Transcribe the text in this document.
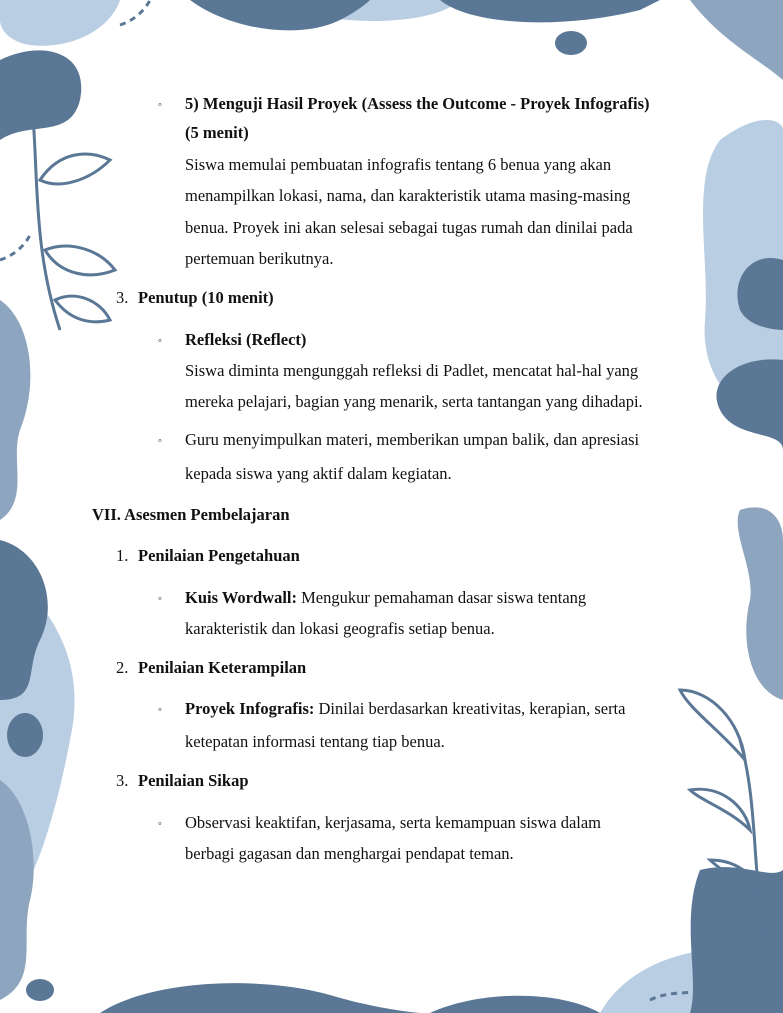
◦ 5) Menguji Hasil Proyek (Assess the Outcome - Proyek Infografis)
(5 menit)
Siswa memulai pembuatan infografis tentang 6 benua yang akan
menampilkan lokasi, nama, dan karakteristik utama masing-masing
benua. Proyek ini akan selesai sebagai tugas rumah dan dinilai pada
pertemuan berikutnya.
3. Penutup (10 menit)
◦ Refleksi (Reflect)
Siswa diminta mengunggah refleksi di Padlet, mencatat hal-hal yang
mereka pelajari, bagian yang menarik, serta tantangan yang dihadapi.
◦ Guru menyimpulkan materi, memberikan umpan balik, dan apresiasi
kepada siswa yang aktif dalam kegiatan.
VII. Asesmen Pembelajaran
1. Penilaian Pengetahuan
◦ Kuis Wordwall: Mengukur pemahaman dasar siswa tentang
karakteristik dan lokasi geografis setiap benua.
2. Penilaian Keterampilan
◦ Proyek Infografis: Dinilai berdasarkan kreativitas, kerapian, serta
ketepatan informasi tentang tiap benua.
3. Penilaian Sikap
◦ Observasi keaktifan, kerjasama, serta kemampuan siswa dalam
berbagi gagasan dan menghargai pendapat teman.
